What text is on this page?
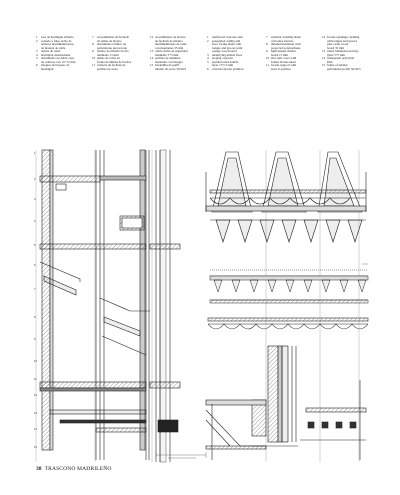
1	losa de hormigón armado
2	soleado y falso techo de
tableros machihembrados
de madera de roble
3	tarima de roble
4	hormigón desmoldante
5	aislamiento de doble capa
de celulosa con 15+15 mm
6	bloques de bloques de
hormigón
7	revestimiento de fachada
de lamas de bronce
8	aislamiento térmico de
poliestireno proyectado
9	tablero de madera de tilo
laminado 15 mm
10 lamas de cobre en
forma de lámina de bronce
11 cubierta de fachada de
perfiles de acero
12 revestimiento de bronce
de fachada de madera
machihembrado de roble
con montantes 35 mm
13 vidrio doble de seguridad
laminado 5+5 mm
14 perfiles de aluminio
montados con bisagra
15 barandilla de perfil
tubular de acero 50/50/5
1	reinforced concrete slab
2	suspended ceiling and
floor facing made with
tongue and groove joint
orange wood board
3	underlying matted floor
4	sloping concrete
5	prefabricated double
layer 15+15 mm
6	concrete blocks partition
7	external cladding made
of bronze louvers
8	thermal insulation with
projected polyurethane
9	high density timber
board 15 mm
10 zinc lath cover with
folded bronze sheet
11 facade support with
steel U-profiles
12 facade openings cladding
with tongue and groove
pine cedar wood
board 35 mm
13 railed laminated security
glass 5+5 mm
14 transparent polyvinyl
film
15 frame of tubular
galvanized profile 50/50/5
1
2
3
4
5
6
7
8
9
10
11
12
13
14
15
38 TRASCONO MADRILEÑO
